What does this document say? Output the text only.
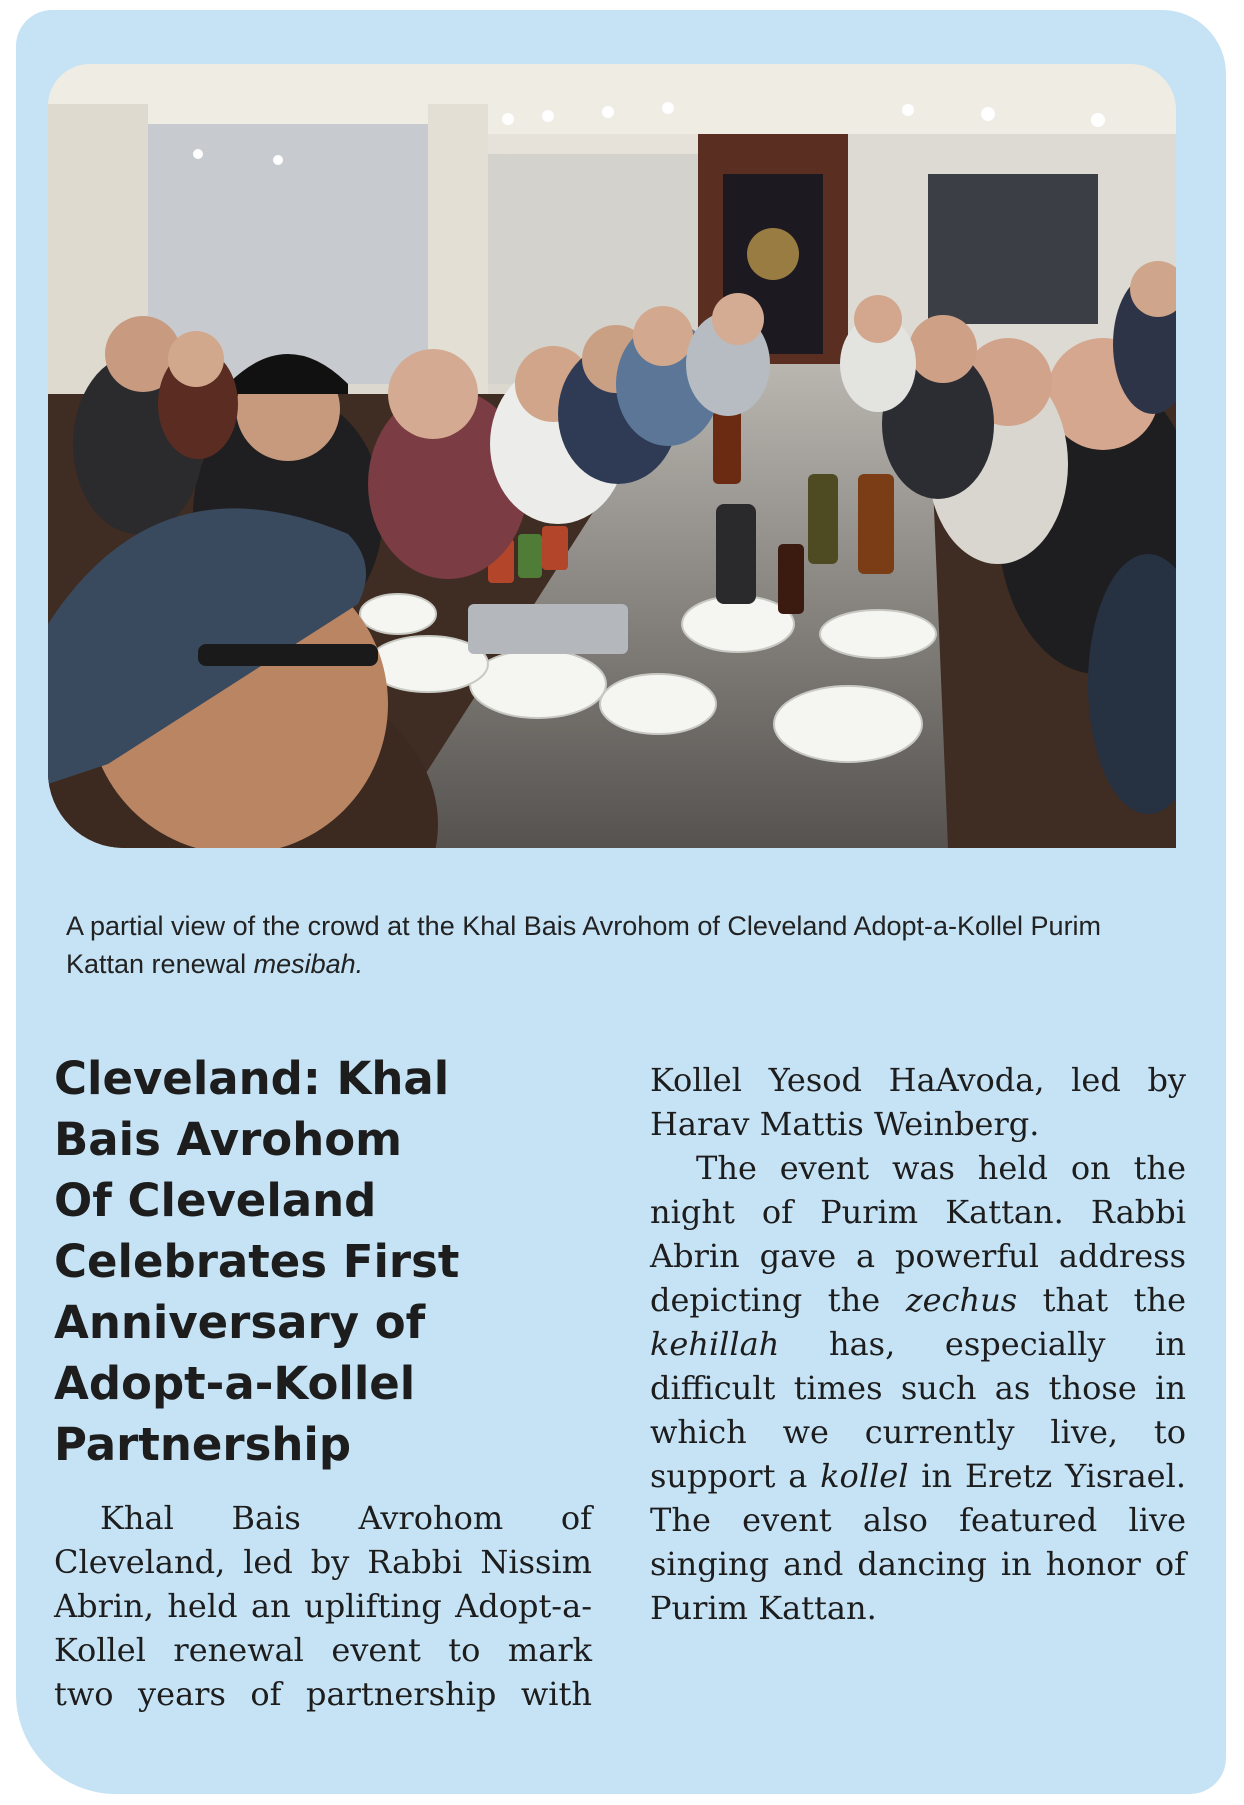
A partial view of the crowd at the Khal Bais Avrohom of Cleveland Adopt-a-Kollel Purim Kattan renewal mesibah.

Cleveland: Khal
Bais Avrohom
Of Cleveland
Celebrates First
Anniversary of
Adopt-a-Kollel
Partnership

Khal Bais Avrohom of Cleveland, led by Rabbi Nissim Abrin, held an uplifting Adopt-a-Kollel renewal event to mark two years of partnership with

Kollel Yesod HaAvoda, led by Harav Mattis Weinberg.

The event was held on the night of Purim Kattan. Rabbi Abrin gave a powerful address depicting the zechus that the kehillah has, especially in difficult times such as those in which we currently live, to support a kollel in Eretz Yisrael. The event also featured live singing and dancing in honor of Purim Kattan.
